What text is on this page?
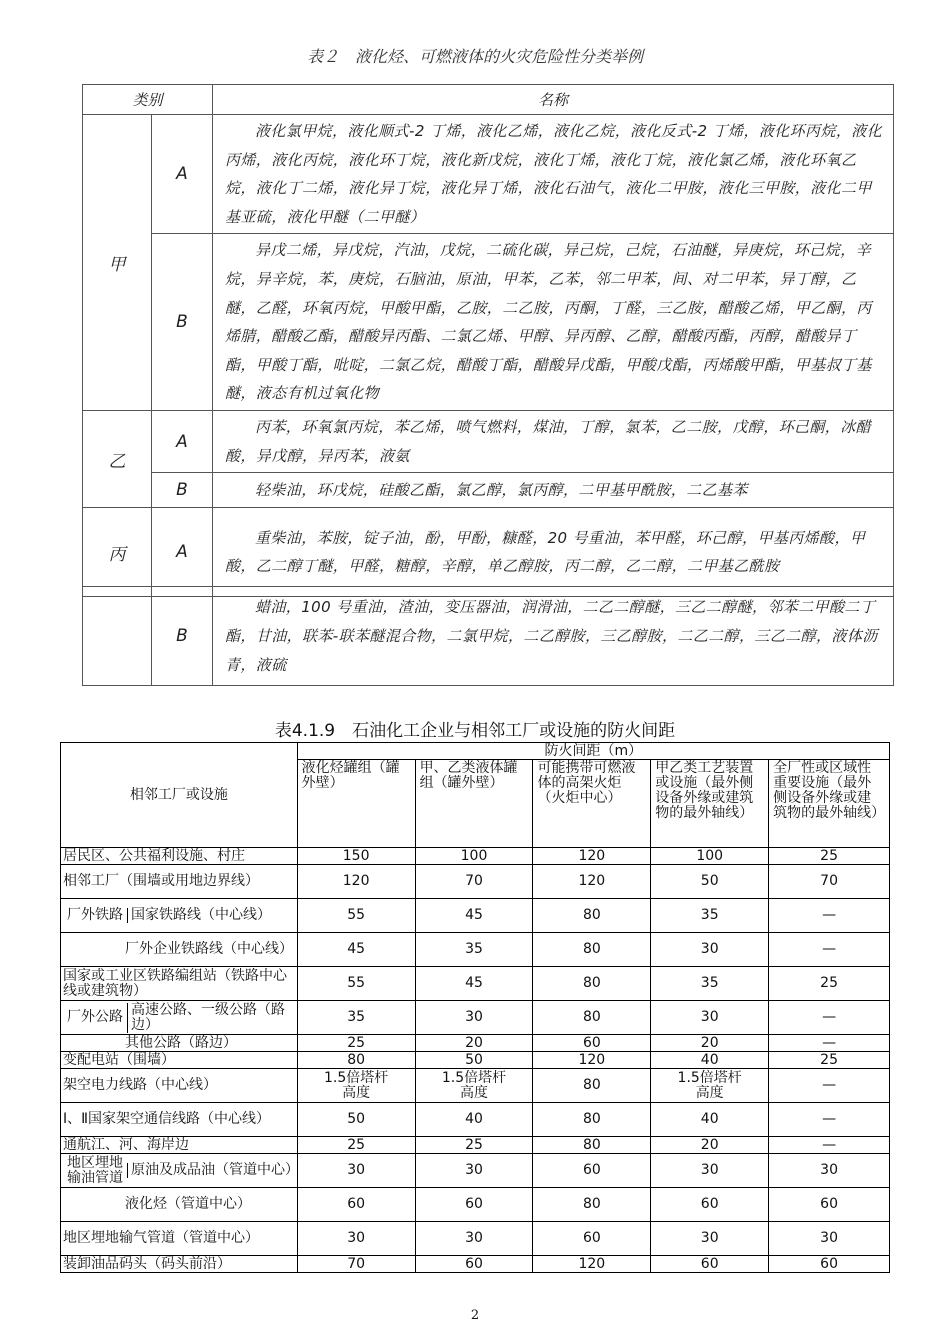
表２　液化烃、可燃液体的火灾危险性分类举例
类别		名称
甲	A	液化氯甲烷，液化顺式-2 丁烯，液化乙烯，液化乙烷，液化反式-2 丁烯，液化环丙烷，液化丙烯，液化丙烷，液化环丁烷，液化新戊烷，液化丁烯，液化丁烷，液化氯乙烯，液化环氧乙烷，液化丁二烯，液化异丁烷，液化异丁烯，液化石油气，液化二甲胺，液化三甲胺，液化二甲基亚硫，液化甲醚（二甲醚）
	B	异戊二烯，异戊烷，汽油，戊烷，二硫化碳，异己烷，己烷，石油醚，异庚烷，环己烷，辛烷，异辛烷，苯，庚烷，石脑油，原油，甲苯，乙苯，邻二甲苯，间、对二甲苯，异丁醇，乙醚，乙醛，环氧丙烷，甲酸甲酯，乙胺，二乙胺，丙酮，丁醛，三乙胺，醋酸乙烯，甲乙酮，丙烯腈，醋酸乙酯，醋酸异丙酯、二氯乙烯、甲醇、异丙醇、乙醇，醋酸丙酯，丙醇，醋酸异丁酯，甲酸丁酯，吡啶，二氯乙烷，醋酸丁酯，醋酸异戊酯，甲酸戊酯，丙烯酸甲酯，甲基叔丁基醚，液态有机过氧化物
乙	A	丙苯，环氧氯丙烷，苯乙烯，喷气燃料，煤油，丁醇，氯苯，乙二胺，戊醇，环己酮，冰醋酸，异戊醇，异丙苯，液氨
	B	轻柴油，环戊烷，硅酸乙酯，氯乙醇，氯丙醇，二甲基甲酰胺，二乙基苯
丙	A	重柴油，苯胺，锭子油，酚，甲酚，糠醛，20 号重油，苯甲醛，环己醇，甲基丙烯酸，甲酸，乙二醇丁醚，甲醛，糖醇，辛醇，单乙醇胺，丙二醇，乙二醇，二甲基乙酰胺
	B	蜡油，100 号重油，渣油，变压器油，润滑油，二乙二醇醚，三乙二醇醚，邻苯二甲酸二丁酯，甘油，联苯-联苯醚混合物，二氯甲烷，二乙醇胺，三乙醇胺，二乙二醇，三乙二醇，液体沥青，液硫
表4.1.9　石油化工企业与相邻工厂或设施的防火间距
相邻工厂或设施	防火间距（m）				
	液化烃罐组（罐外壁）	甲、乙类液体罐组（罐外壁）	可能携带可燃液体的高架火炬（火炬中心）	甲乙类工艺装置或设施（最外侧设备外缘或建筑物的最外轴线）	全厂性或区域性重要设施（最外侧设备外缘或建筑物的最外轴线）
居民区、公共福利设施、村庄	150	100	120	100	25
相邻工厂（围墙或用地边界线）	120	70	120	50	70

厂外铁路 国家铁路线（中心线）	55	45	80	35	—
厂外企业铁路线（中心线）	45	35	80	30	—
国家或工业区铁路编组站（铁路中心线或建筑物）	55	45	80	35	25

厂外公路 高速公路、一级公路（路边）	35	30	80	30	—
其他公路（路边）	25	20	60	20	—
变配电站（围墙）	80	50	120	40	25
架空电力线路（中心线）	1.5倍塔杆高度	1.5倍塔杆高度	80	1.5倍塔杆高度	—
Ⅰ、Ⅱ国家架空通信线路（中心线）	50	40	80	40	—
通航江、河、海岸边	25	25	80	20	—

地区埋地输油管道 原油及成品油（管道中心）	30	30	60	30	30
液化烃（管道中心）	60	60	80	60	60
地区埋地输气管道（管道中心）	30	30	60	30	30
装卸油品码头（码头前沿）	70	60	120	60	60
2
